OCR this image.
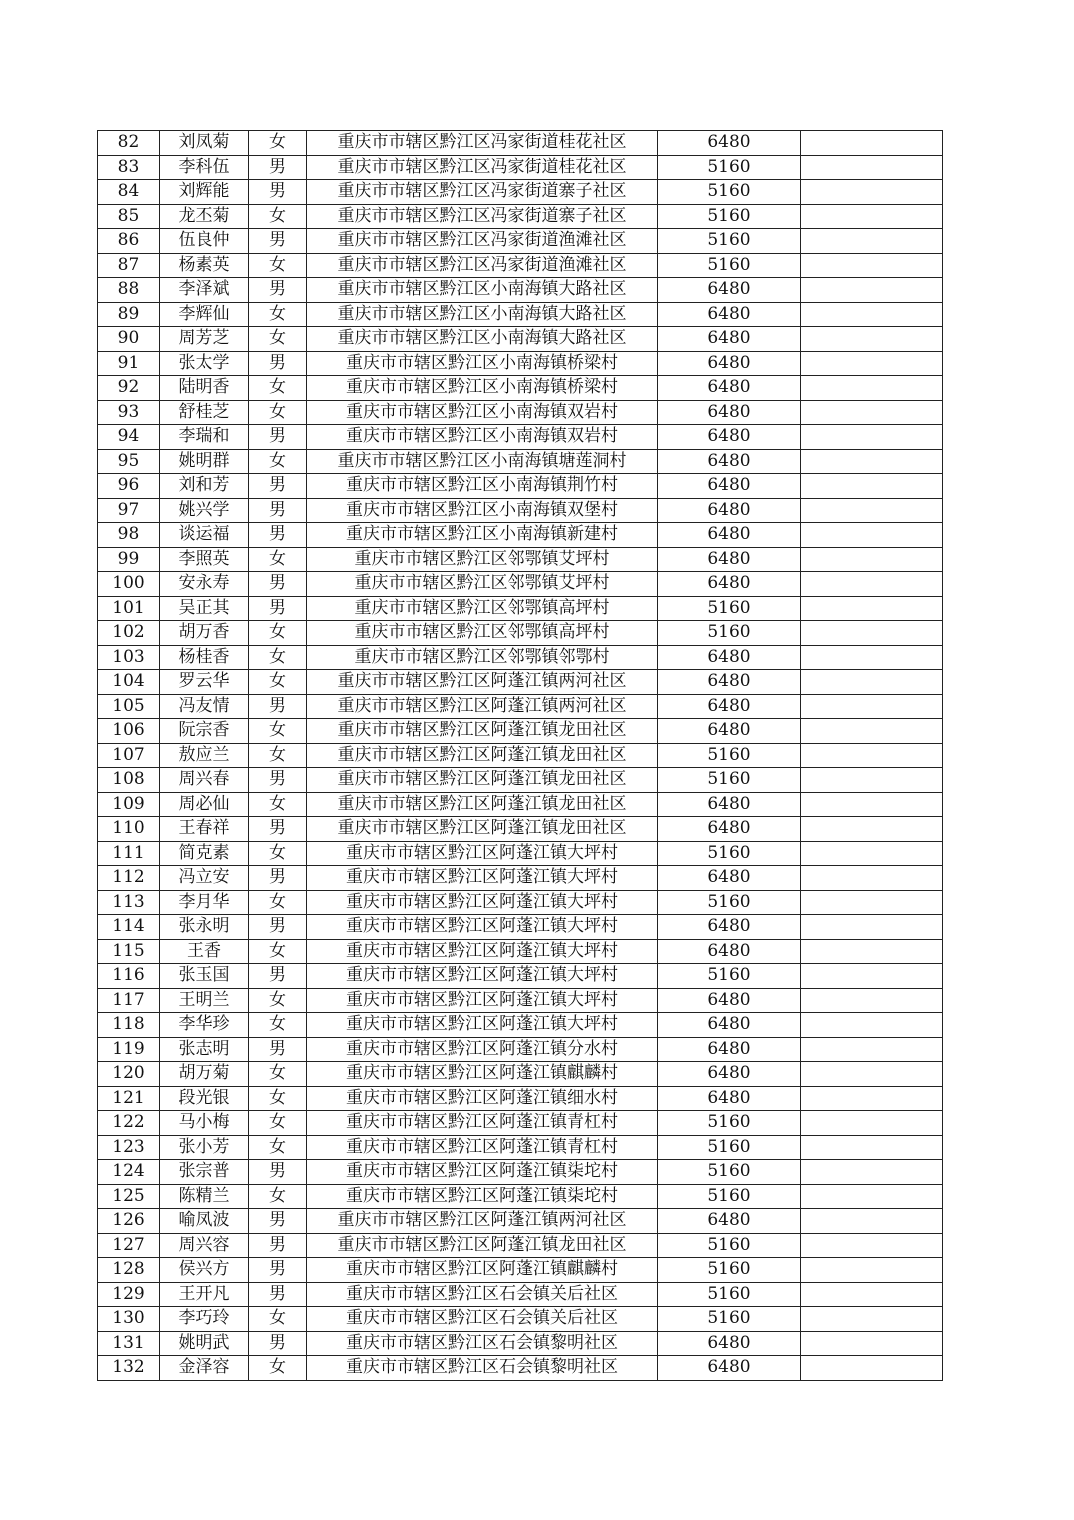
82	刘凤菊	女	重庆市市辖区黔江区冯家街道桂花社区	6480	
83	李科伍	男	重庆市市辖区黔江区冯家街道桂花社区	5160	
84	刘辉能	男	重庆市市辖区黔江区冯家街道寨子社区	5160	
85	龙丕菊	女	重庆市市辖区黔江区冯家街道寨子社区	5160	
86	伍良仲	男	重庆市市辖区黔江区冯家街道渔滩社区	5160	
87	杨素英	女	重庆市市辖区黔江区冯家街道渔滩社区	5160	
88	李泽斌	男	重庆市市辖区黔江区小南海镇大路社区	6480	
89	李辉仙	女	重庆市市辖区黔江区小南海镇大路社区	6480	
90	周芳芝	女	重庆市市辖区黔江区小南海镇大路社区	6480	
91	张太学	男	重庆市市辖区黔江区小南海镇桥梁村	6480	
92	陆明香	女	重庆市市辖区黔江区小南海镇桥梁村	6480	
93	舒桂芝	女	重庆市市辖区黔江区小南海镇双岩村	6480	
94	李瑞和	男	重庆市市辖区黔江区小南海镇双岩村	6480	
95	姚明群	女	重庆市市辖区黔江区小南海镇塘莲洞村	6480	
96	刘和芳	男	重庆市市辖区黔江区小南海镇荆竹村	6480	
97	姚兴学	男	重庆市市辖区黔江区小南海镇双堡村	6480	
98	谈运福	男	重庆市市辖区黔江区小南海镇新建村	6480	
99	李照英	女	重庆市市辖区黔江区邻鄂镇艾坪村	6480	
100	安永寿	男	重庆市市辖区黔江区邻鄂镇艾坪村	6480	
101	吴正其	男	重庆市市辖区黔江区邻鄂镇高坪村	5160	
102	胡万香	女	重庆市市辖区黔江区邻鄂镇高坪村	5160	
103	杨桂香	女	重庆市市辖区黔江区邻鄂镇邻鄂村	6480	
104	罗云华	女	重庆市市辖区黔江区阿蓬江镇两河社区	6480	
105	冯友情	男	重庆市市辖区黔江区阿蓬江镇两河社区	6480	
106	阮宗香	女	重庆市市辖区黔江区阿蓬江镇龙田社区	6480	
107	敖应兰	女	重庆市市辖区黔江区阿蓬江镇龙田社区	5160	
108	周兴春	男	重庆市市辖区黔江区阿蓬江镇龙田社区	5160	
109	周必仙	女	重庆市市辖区黔江区阿蓬江镇龙田社区	6480	
110	王春祥	男	重庆市市辖区黔江区阿蓬江镇龙田社区	6480	
111	简克素	女	重庆市市辖区黔江区阿蓬江镇大坪村	5160	
112	冯立安	男	重庆市市辖区黔江区阿蓬江镇大坪村	6480	
113	李月华	女	重庆市市辖区黔江区阿蓬江镇大坪村	5160	
114	张永明	男	重庆市市辖区黔江区阿蓬江镇大坪村	6480	
115	王香	女	重庆市市辖区黔江区阿蓬江镇大坪村	6480	
116	张玉国	男	重庆市市辖区黔江区阿蓬江镇大坪村	5160	
117	王明兰	女	重庆市市辖区黔江区阿蓬江镇大坪村	6480	
118	李华珍	女	重庆市市辖区黔江区阿蓬江镇大坪村	6480	
119	张志明	男	重庆市市辖区黔江区阿蓬江镇分水村	6480	
120	胡万菊	女	重庆市市辖区黔江区阿蓬江镇麒麟村	6480	
121	段光银	女	重庆市市辖区黔江区阿蓬江镇细水村	6480	
122	马小梅	女	重庆市市辖区黔江区阿蓬江镇青杠村	5160	
123	张小芳	女	重庆市市辖区黔江区阿蓬江镇青杠村	5160	
124	张宗普	男	重庆市市辖区黔江区阿蓬江镇柒坨村	5160	
125	陈精兰	女	重庆市市辖区黔江区阿蓬江镇柒坨村	5160	
126	喻凤波	男	重庆市市辖区黔江区阿蓬江镇两河社区	6480	
127	周兴容	男	重庆市市辖区黔江区阿蓬江镇龙田社区	5160	
128	侯兴方	男	重庆市市辖区黔江区阿蓬江镇麒麟村	5160	
129	王开凡	男	重庆市市辖区黔江区石会镇关后社区	5160	
130	李巧玲	女	重庆市市辖区黔江区石会镇关后社区	5160	
131	姚明武	男	重庆市市辖区黔江区石会镇黎明社区	6480	
132	金泽容	女	重庆市市辖区黔江区石会镇黎明社区	6480	
